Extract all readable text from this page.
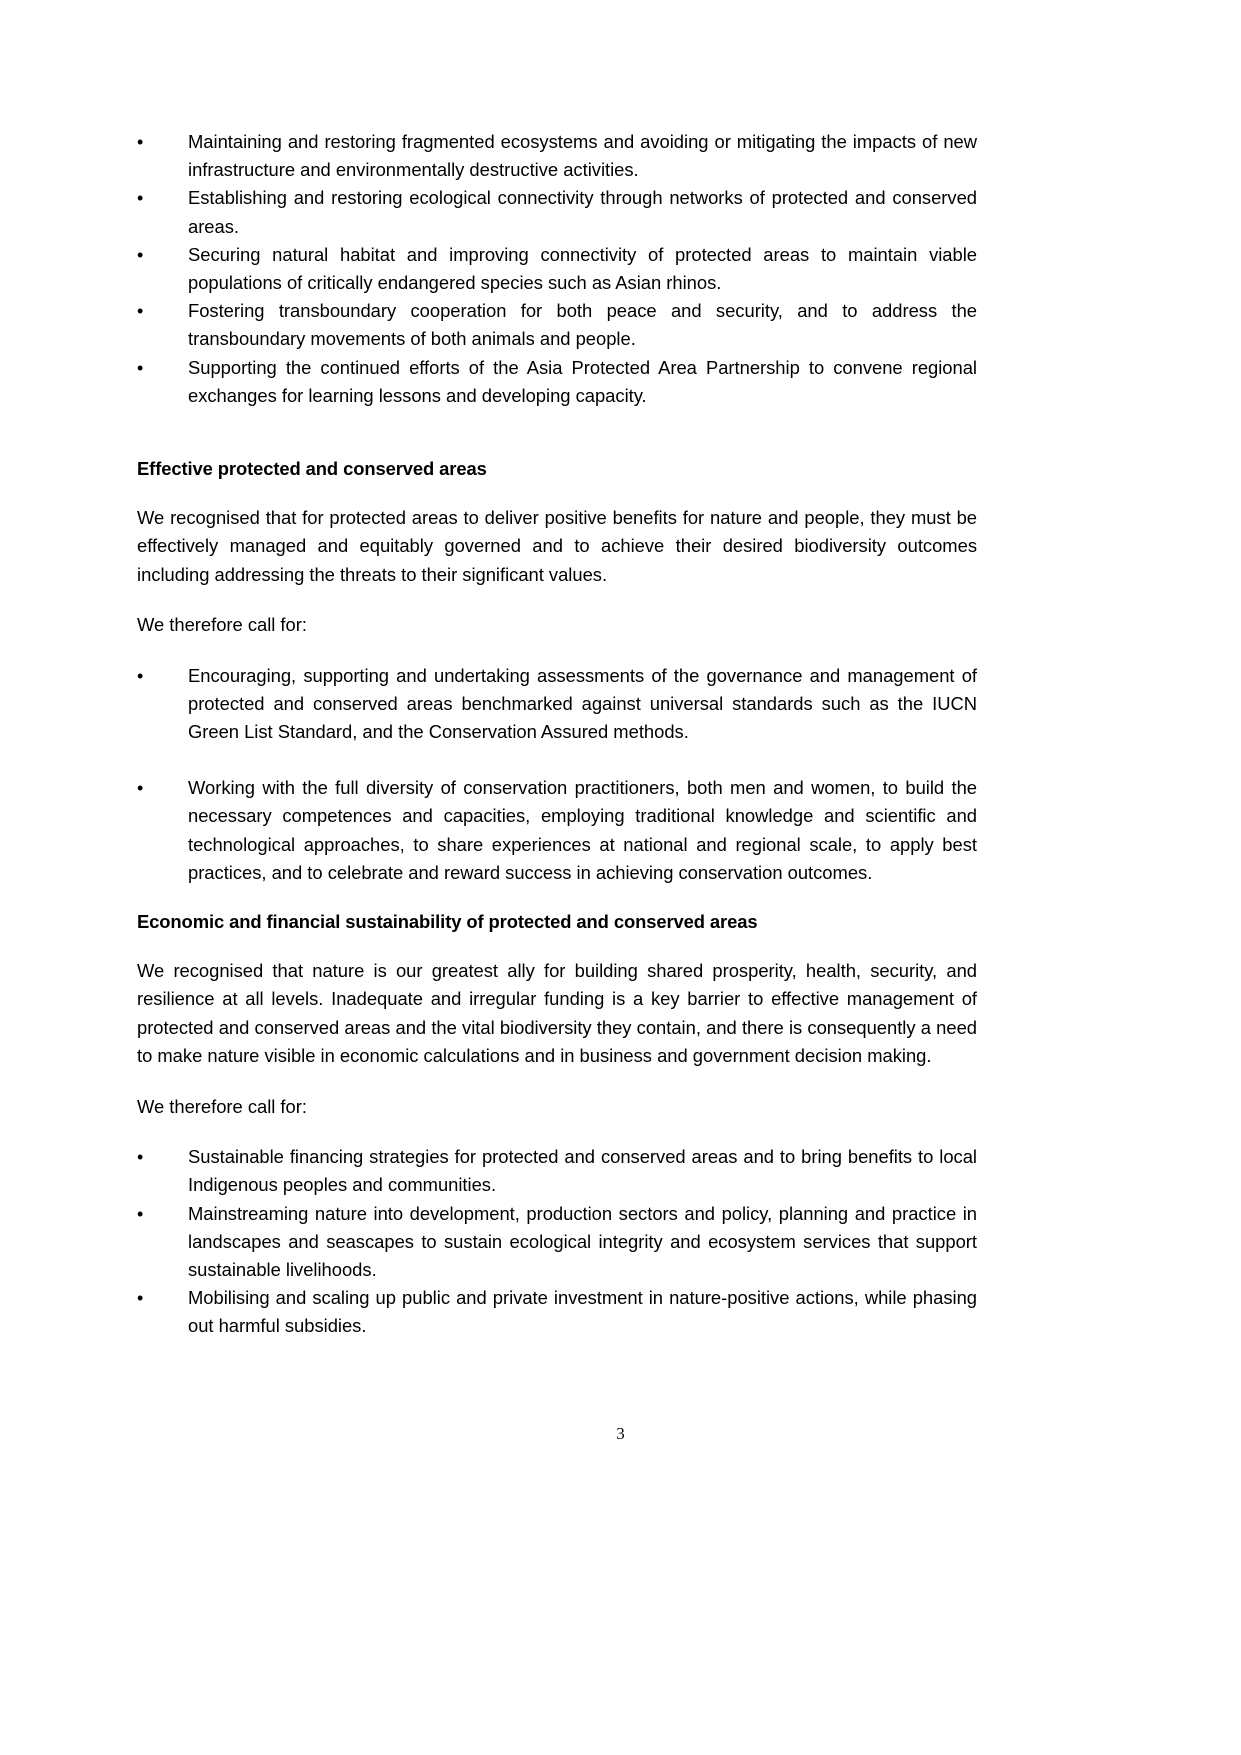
•	Maintaining and restoring fragmented ecosystems and avoiding or mitigating the impacts of new infrastructure and environmentally destructive activities.
•	Establishing and restoring ecological connectivity through networks of protected and conserved areas.
•	Securing natural habitat and improving connectivity of protected areas to maintain viable populations of critically endangered species such as Asian rhinos.
•	Fostering transboundary cooperation for both peace and security, and to address the transboundary movements of both animals and people.
•	Supporting the continued efforts of the Asia Protected Area Partnership to convene regional exchanges for learning lessons and developing capacity.
Effective protected and conserved areas

We recognised that for protected areas to deliver positive benefits for nature and people, they must be effectively managed and equitably governed and to achieve their desired biodiversity outcomes including addressing the threats to their significant values.

We therefore call for:

•	Encouraging, supporting and undertaking assessments of the governance and management of protected and conserved areas benchmarked against universal standards such as the IUCN Green List Standard, and the Conservation Assured methods.
•	Working with the full diversity of conservation practitioners, both men and women, to build the necessary competences and capacities, employing traditional knowledge and scientific and technological approaches, to share experiences at national and regional scale, to apply best practices, and to celebrate and reward success in achieving conservation outcomes.
Economic and financial sustainability of protected and conserved areas

We recognised that nature is our greatest ally for building shared prosperity, health, security, and resilience at all levels. Inadequate and irregular funding is a key barrier to effective management of protected and conserved areas and the vital biodiversity they contain, and there is consequently a need to make nature visible in economic calculations and in business and government decision making.

We therefore call for:

•	Sustainable financing strategies for protected and conserved areas and to bring benefits to local Indigenous peoples and communities.
•	Mainstreaming nature into development, production sectors and policy, planning and practice in landscapes and seascapes to sustain ecological integrity and ecosystem services that support sustainable livelihoods.
•	Mobilising and scaling up public and private investment in nature-positive actions, while phasing out harmful subsidies.
3
